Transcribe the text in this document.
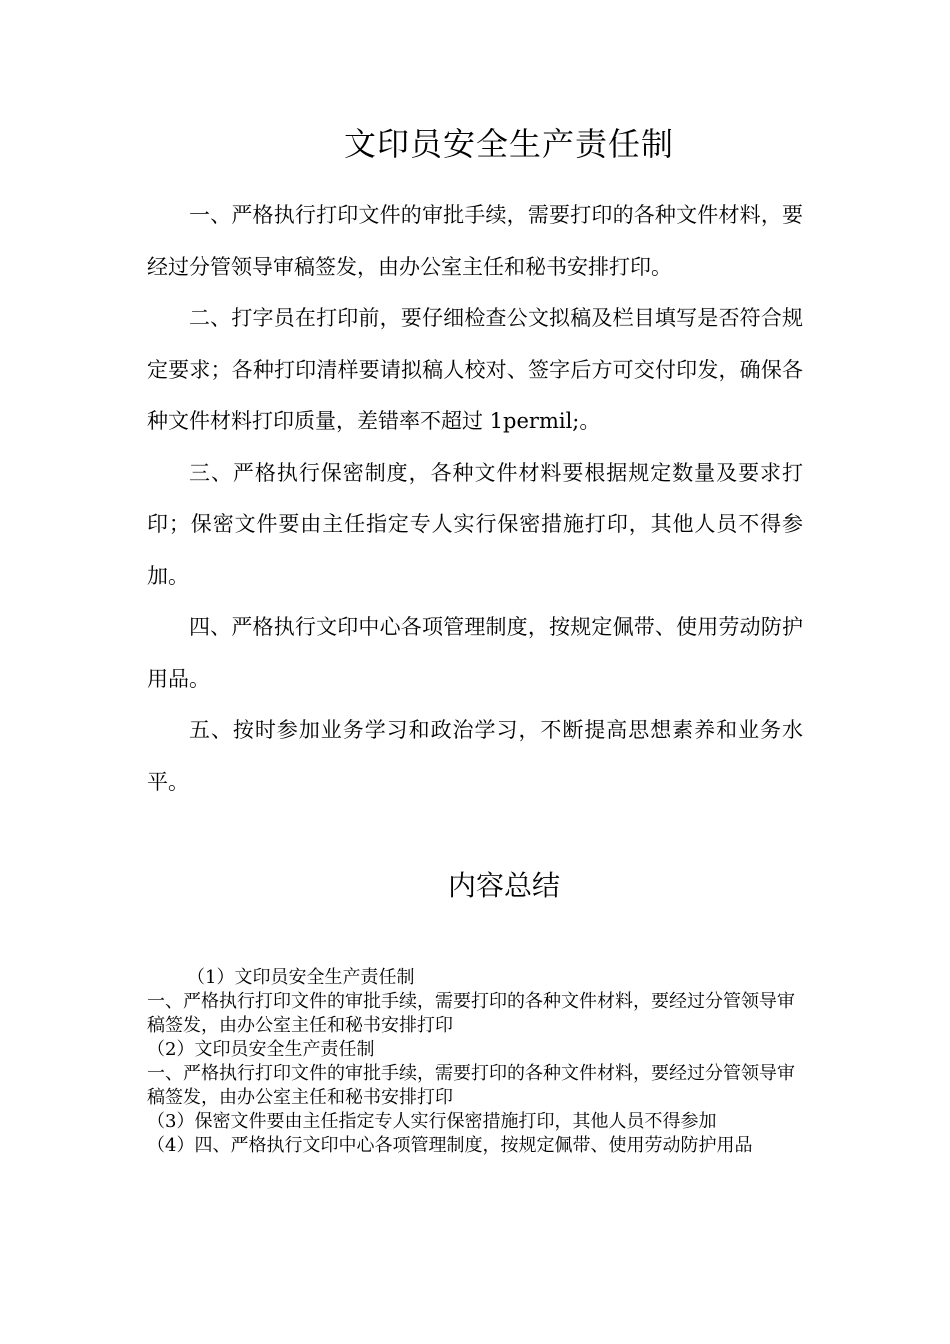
文印员安全生产责任制

一、严格执行打印文件的审批手续，需要打印的各种文件材料，要经过分管领导审稿签发，由办公室主任和秘书安排打印。

二、打字员在打印前，要仔细检查公文拟稿及栏目填写是否符合规定要求；各种打印清样要请拟稿人校对、签字后方可交付印发，确保各种文件材料打印质量，差错率不超过 1permil;。

三、严格执行保密制度，各种文件材料要根据规定数量及要求打印；保密文件要由主任指定专人实行保密措施打印，其他人员不得参加。

四、严格执行文印中心各项管理制度，按规定佩带、使用劳动防护用品。

五、按时参加业务学习和政治学习，不断提高思想素养和业务水平。

内容总结
（1）文印员安全生产责任制
一、严格执行打印文件的审批手续，需要打印的各种文件材料，要经过分管领导审稿签发，由办公室主任和秘书安排打印
（2）文印员安全生产责任制
一、严格执行打印文件的审批手续，需要打印的各种文件材料，要经过分管领导审稿签发，由办公室主任和秘书安排打印
（3）保密文件要由主任指定专人实行保密措施打印，其他人员不得参加
（4）四、严格执行文印中心各项管理制度，按规定佩带、使用劳动防护用品
